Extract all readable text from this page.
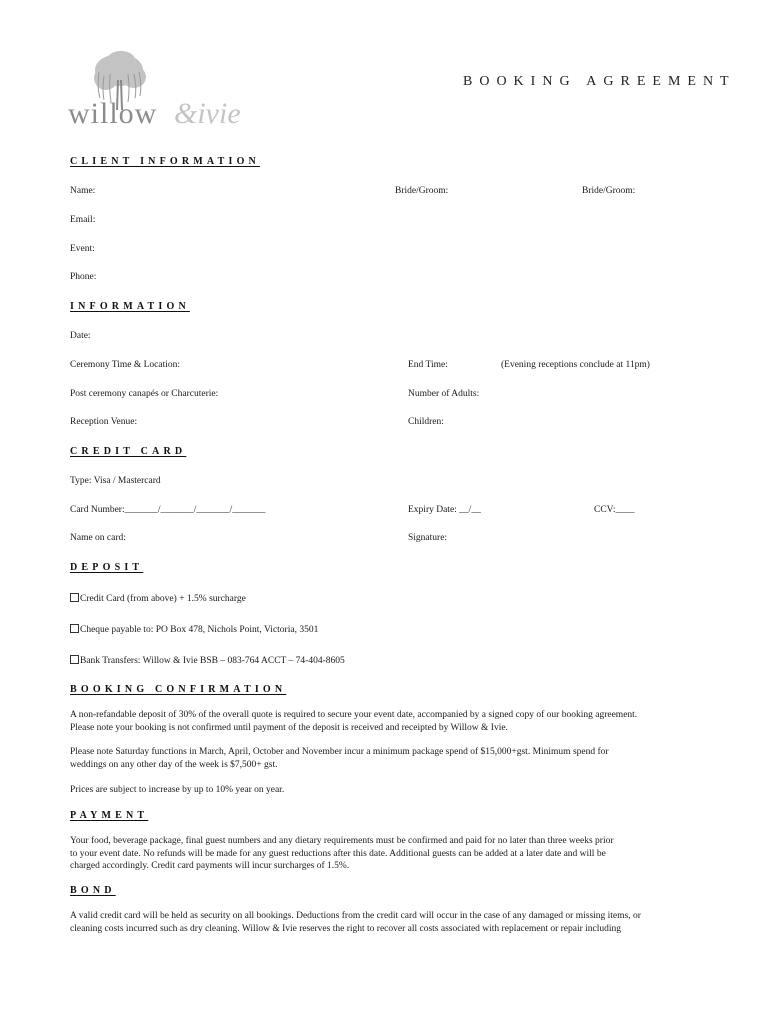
willow &ivie
BOOKING AGREEMENT
CLIENT INFORMATION
Name:	Bride/Groom:	Bride/Groom:
Email:
Event:
Phone:
INFORMATION
Date:
Ceremony Time & Location:	End Time:	(Evening receptions conclude at 11pm)
Post ceremony canapés or Charcuterie:	Number of Adults:
Reception Venue:	Children:
CREDIT CARD
Type: Visa / Mastercard
Card Number:_______/_______/_______/_______	Expiry Date: __/__	CCV:____
Name on card:	Signature:
DEPOSIT
Credit Card (from above) + 1.5% surcharge
Cheque payable to: PO Box 478, Nichols Point, Victoria, 3501
Bank Transfers: Willow & Ivie BSB – 083-764 ACCT – 74-404-8605
BOOKING CONFIRMATION
A non-refandable deposit of 30% of the overall quote is required to secure your event date, accompanied by a signed copy of our booking agreement.
Please note your booking is not confirmed until payment of the deposit is received and receipted by Willow & Ivie.
Please note Saturday functions in March, April, October and November incur a minimum package spend of $15,000+gst. Minimum spend for
weddings on any other day of the week is $7,500+ gst.
Prices are subject to increase by up to 10% year on year.
PAYMENT
Your food, beverage package, final guest numbers and any dietary requirements must be confirmed and paid for no later than three weeks prior
to your event date. No refunds will be made for any guest reductions after this date. Additional guests can be added at a later date and will be
charged accordingly. Credit card payments will incur surcharges of 1.5%.
BOND
A valid credit card will be held as security on all bookings. Deductions from the credit card will occur in the case of any damaged or missing items, or
cleaning costs incurred such as dry cleaning. Willow & Ivie reserves the right to recover all costs associated with replacement or repair including
